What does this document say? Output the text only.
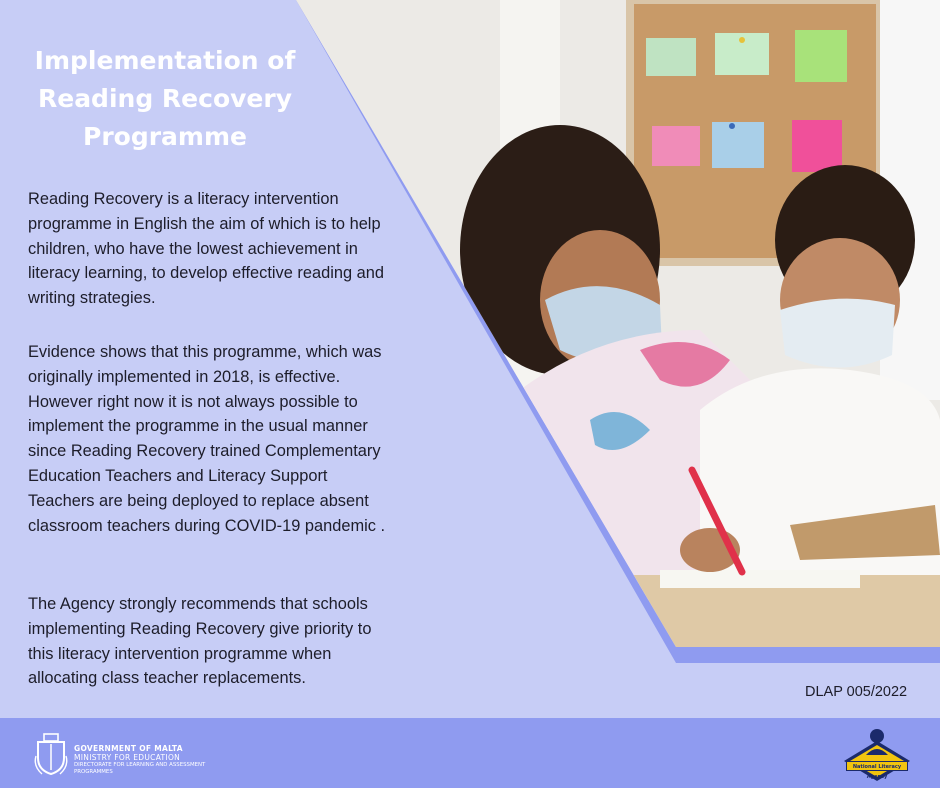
Implementation of Reading Recovery Programme

Reading Recovery is a literacy intervention programme in English the aim of which is to help children, who have the lowest achievement in literacy learning, to develop effective reading and writing strategies.

Evidence shows that this programme, which was originally implemented in 2018, is effective. However right now it is not always possible to implement the programme in the usual manner since Reading Recovery trained Complementary Education Teachers and Literacy Support Teachers are being deployed to replace absent classroom teachers during COVID-19 pandemic .

The Agency strongly recommends that schools implementing Reading Recovery give priority to this literacy intervention programme when allocating class teacher replacements.

DLAP 005/2022

GOVERNMENT OF MALTA
MINISTRY FOR EDUCATION
DIRECTORATE FOR LEARNING AND ASSESSMENT PROGRAMMES
National Literacy Agency
